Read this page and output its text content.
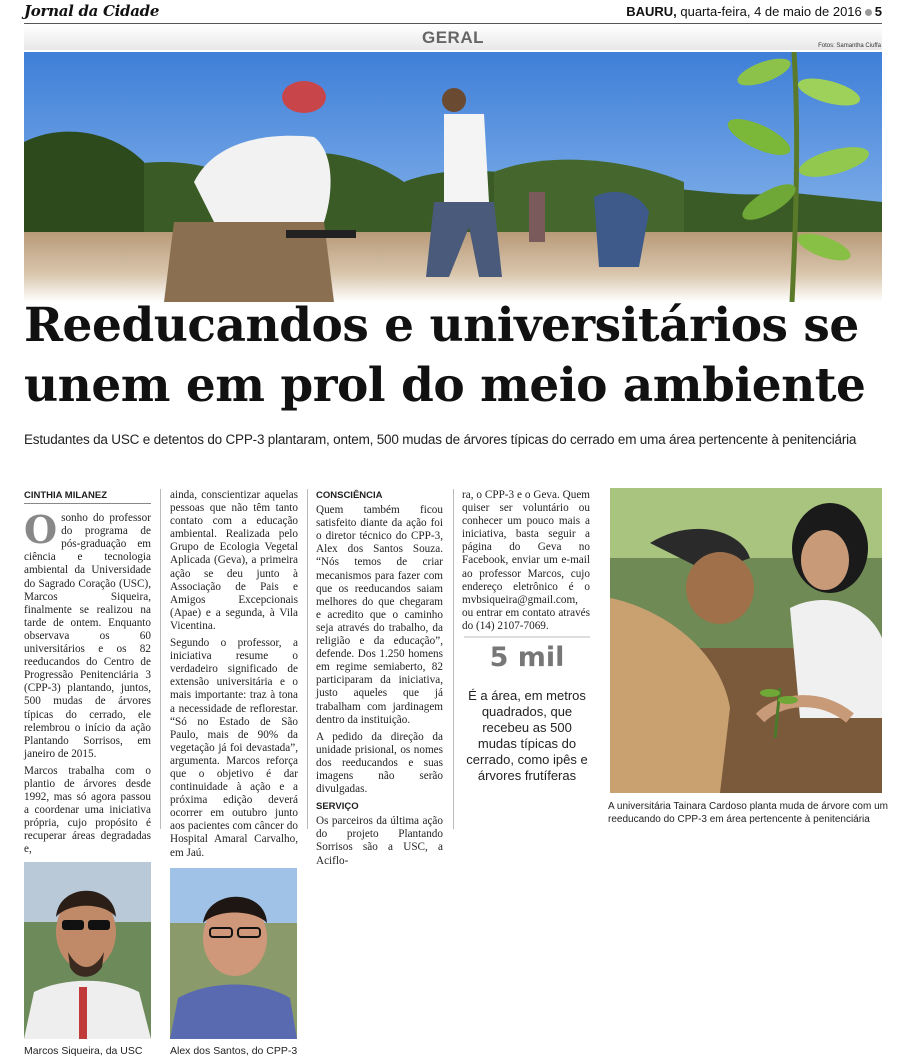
Jornal da Cidade	BAURU, quarta-feira, 4 de maio de 2016 5
GERAL	Fotos: Samantha Ciuffa
Reeducandos e universitários se unem em prol do meio ambiente
Estudantes da USC e detentos do CPP-3 plantaram, ontem, 500 mudas de árvores típicas do cerrado em uma área pertencente à penitenciária
CINTHIA MILANEZ

Osonho do professor do programa de pós-graduação em ciência e tecnologia ambiental da Universidade do Sagrado Coração (USC), Marcos Siqueira, finalmente se realizou na tarde de ontem. Enquanto observava os 60 universitários e os 82 reeducandos do Centro de Progressão Penitenciária 3 (CPP-3) plantando, juntos, 500 mudas de árvores típicas do cerrado, ele relembrou o início da ação Plantando Sorrisos, em janeiro de 2015.

Marcos trabalha com o plantio de árvores desde 1992, mas só agora passou a coordenar uma iniciativa própria, cujo propósito é recuperar áreas degradadas e,

ainda, conscientizar aquelas pessoas que não têm tanto contato com a educação ambiental. Realizada pelo Grupo de Ecologia Vegetal Aplicada (Geva), a primeira ação se deu junto à Associação de Pais e Amigos Excepcionais (Apae) e a segunda, à Vila Vicentina.

Segundo o professor, a iniciativa resume o verdadeiro significado de extensão universitária e o mais importante: traz à tona a necessidade de reflorestar. “Só no Estado de São Paulo, mais de 90% da vegetação já foi devastada”, argumenta. Marcos reforça que o objetivo é dar continuidade à ação e a próxima edição deverá ocorrer em outubro junto aos pacientes com câncer do Hospital Amaral Carvalho, em Jaú.

CONSCIÊNCIA

Quem também ficou satisfeito diante da ação foi o diretor técnico do CPP-3, Alex dos Santos Souza. “Nós temos de criar mecanismos para fazer com que os reeducandos saiam melhores do que chegaram e acredito que o caminho seja através do trabalho, da religião e da educação”, defende. Dos 1.250 homens em regime semiaberto, 82 participaram da iniciativa, justo aqueles que já trabalham com jardinagem dentro da instituição.

A pedido da direção da unidade prisional, os nomes dos reeducandos e suas imagens não serão divulgadas.

SERVIÇO

Os parceiros da última ação do projeto Plantando Sorrisos são a USC, a Aciflo-

ra, o CPP-3 e o Geva. Quem quiser ser voluntário ou conhecer um pouco mais a iniciativa, basta seguir a página do Geva no Facebook, enviar um e-mail ao professor Marcos, cujo endereço eletrônico é o mvbsiqueira@gmail.com, ou entrar em contato através do (14) 2107-7069.

5 mil
É a área, em metros quadrados, que recebeu as 500 mudas típicas do cerrado, como ipês e árvores frutíferas
A universitária Tainara Cardoso planta muda de árvore com um reeducando do CPP-3 em área pertencente à penitenciária
Marcos Siqueira, da USC	Alex dos Santos, do CPP-3
